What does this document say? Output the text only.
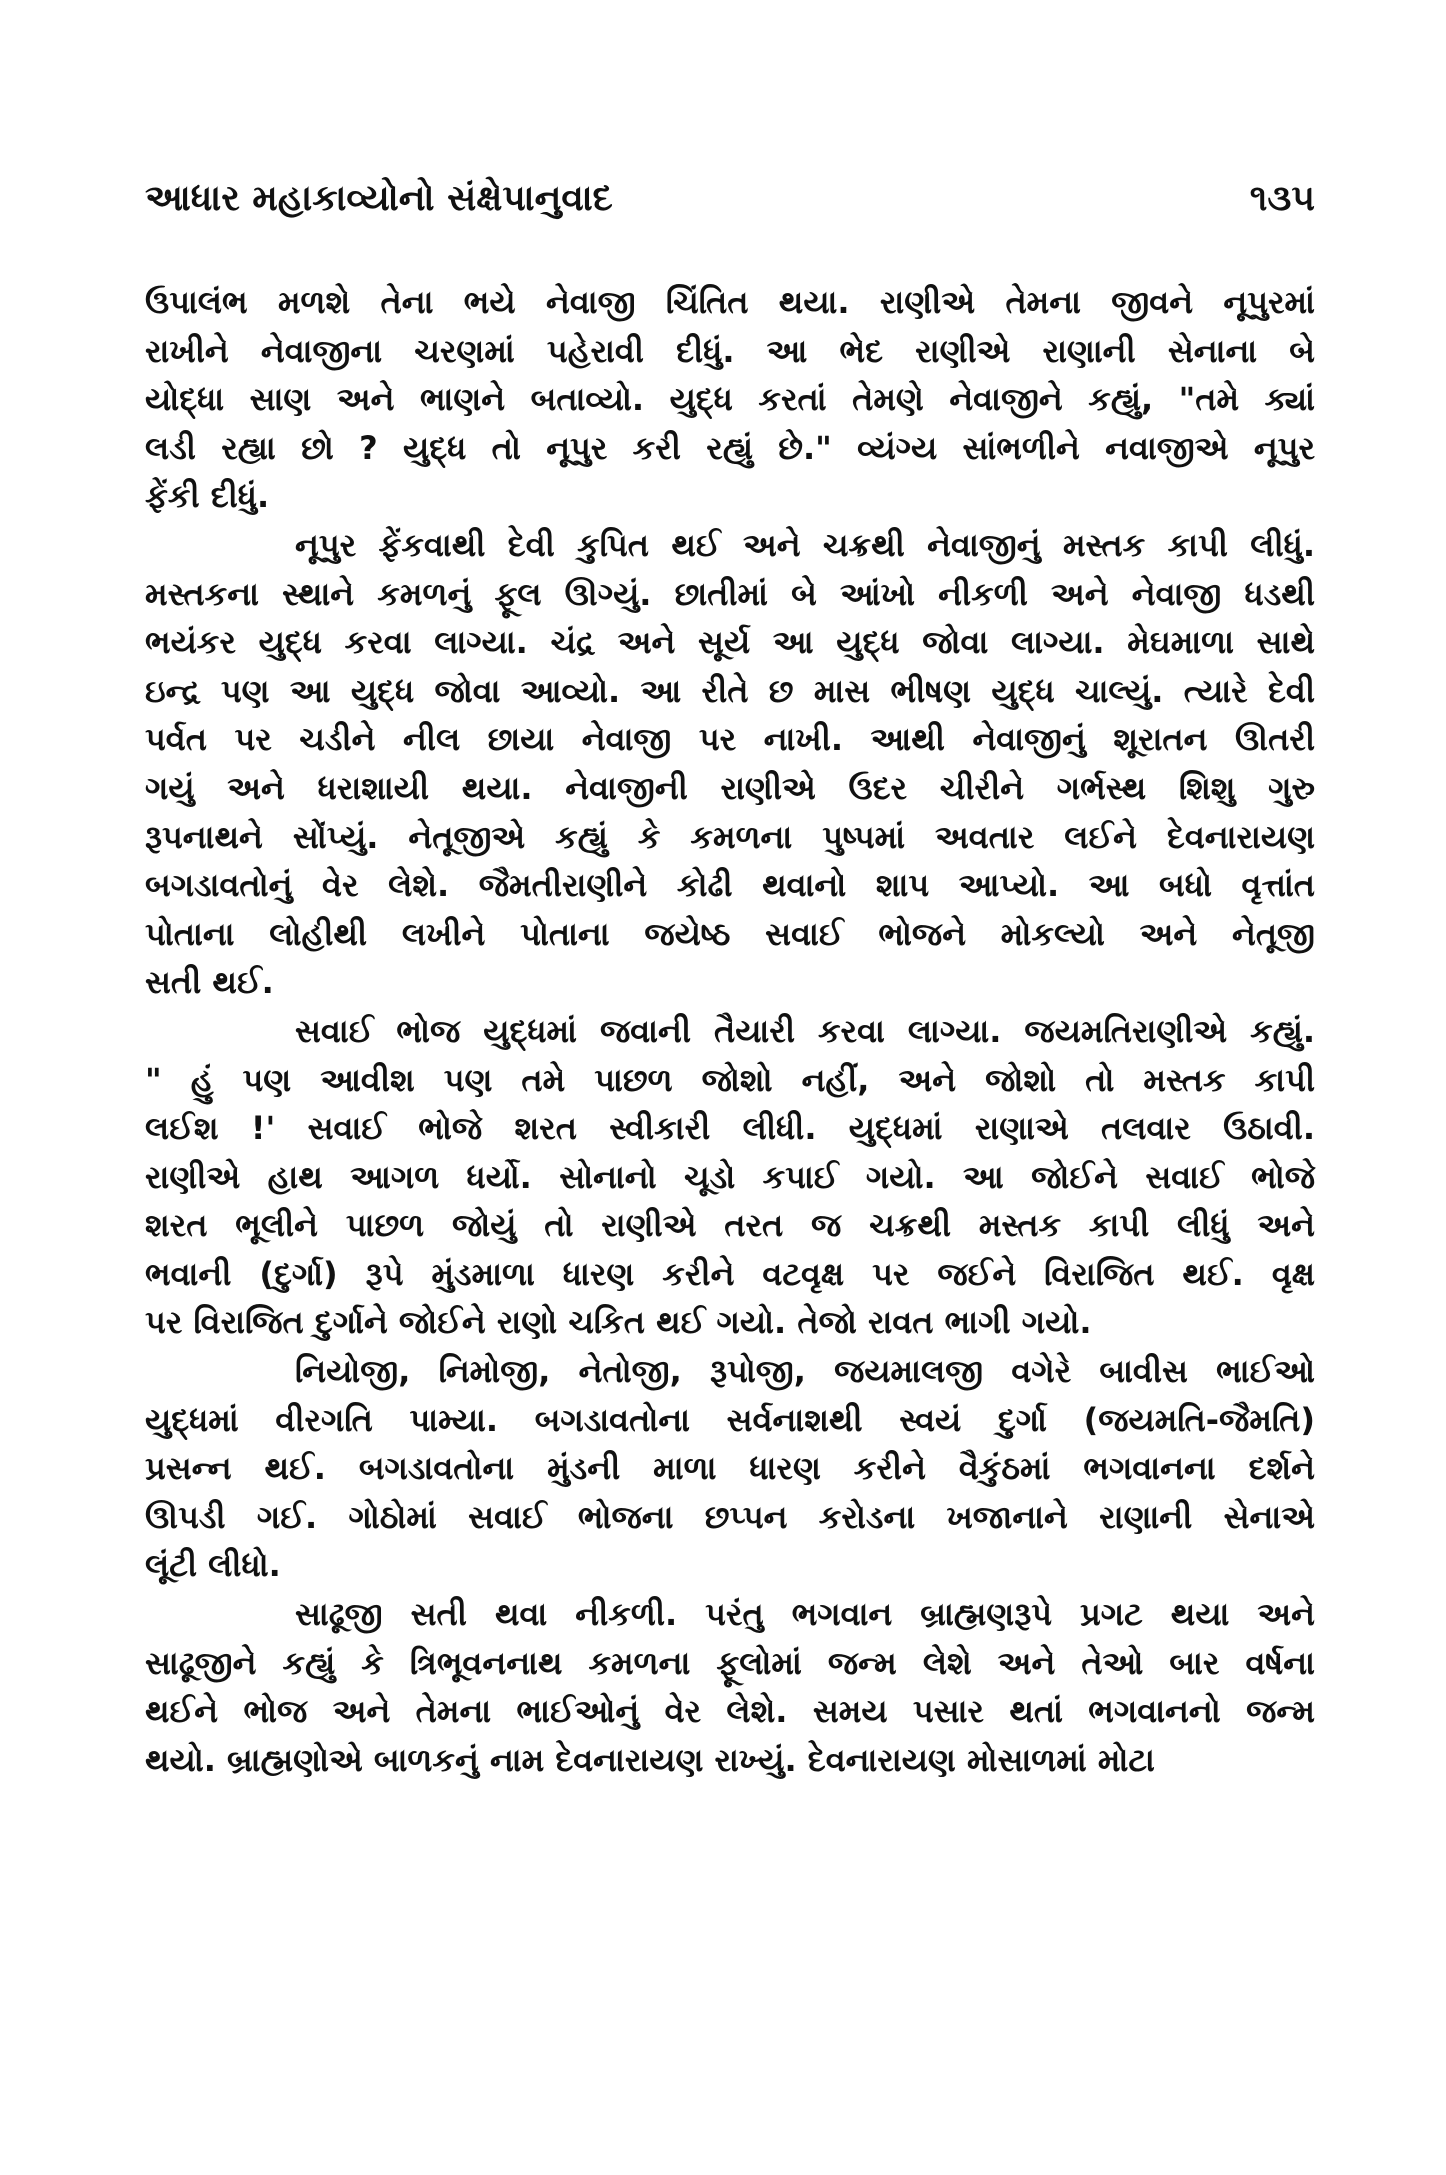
આધાર મહાકાવ્યોનો સંક્ષેપાનુવાદ	૧૩૫
ઉપાલંભ મળશે તેના ભયે નેવાજી ચિંતિત થયા. રાણીએ તેમના જીવને નૂપુરમાં
રાખીને નેવાજીના ચરણમાં પહેરાવી દીધું. આ ભેદ રાણીએ રાણાની સેનાના બે
યોદ્ધા સાણ અને ભાણને બતાવ્યો. યુદ્ધ કરતાં તેમણે નેવાજીને કહ્યું, "તમે ક્યાં
લડી રહ્યા છો ? યુદ્ધ તો નૂપુર કરી રહ્યું છે." વ્યંગ્ય સાંભળીને નવાજીએ નૂપુર
ફેંકી દીધું.
નૂપુર ફેંકવાથી દેવી કુપિત થઈ અને ચક્રથી નેવાજીનું મસ્તક કાપી લીધું.
મસ્તકના સ્થાને કમળનું ફૂલ ઊગ્યું. છાતીમાં બે આંખો નીકળી અને નેવાજી ધડથી
ભયંકર યુદ્ધ કરવા લાગ્યા. ચંદ્ર અને સૂર્ય આ યુદ્ધ જોવા લાગ્યા. મેઘમાળા સાથે
ઇન્દ્ર પણ આ યુદ્ધ જોવા આવ્યો. આ રીતે છ માસ ભીષણ યુદ્ધ ચાલ્યું. ત્યારે દેવી
પર્વત પર ચડીને નીલ છાયા નેવાજી પર નાખી. આથી નેવાજીનું શૂરાતન ઊતરી
ગયું અને ધરાશાયી થયા. નેવાજીની રાણીએ ઉદર ચીરીને ગર્ભસ્થ શિશુ ગુરુ
રૂપનાથને સોંપ્યું. નેતૂજીએ કહ્યું કે કમળના પુષ્પમાં અવતાર લઈને દેવનારાયણ
બગડાવતોનું વેર લેશે. જૈમતીરાણીને કોઢી થવાનો શાપ આપ્યો. આ બધો વૃત્તાંત
પોતાના લોહીથી લખીને પોતાના જયેષ્ઠ સવાઈ ભોજને મોકલ્યો અને નેતૂજી
સતી થઈ.
સવાઈ ભોજ યુદ્ધમાં જવાની તૈયારી કરવા લાગ્યા. જયમતિરાણીએ કહ્યું.
" હું પણ આવીશ પણ તમે પાછળ જોશો નહીં, અને જોશો તો મસ્તક કાપી
લઈશ !' સવાઈ ભોજે શરત સ્વીકારી લીધી. યુદ્ધમાં રાણાએ તલવાર ઉઠાવી.
રાણીએ હાથ આગળ ધર્યો. સોનાનો ચૂડો કપાઈ ગયો. આ જોઈને સવાઈ ભોજે
શરત ભૂલીને પાછળ જોયું તો રાણીએ તરત જ ચક્રથી મસ્તક કાપી લીધું અને
ભવાની (દુર્ગા) રૂપે મુંડમાળા ધારણ કરીને વટવૃક્ષ પર જઈને વિરાજિત થઈ. વૃક્ષ
પર વિરાજિત દુર્ગાને જોઈને રાણો ચકિત થઈ ગયો. તેજો રાવત ભાગી ગયો.
નિયોજી, નિમોજી, નેતોજી, રૂપોજી, જયમાલજી વગેરે બાવીસ ભાઈઓ
યુદ્ધમાં વીરગતિ પામ્યા. બગડાવતોના સર્વનાશથી સ્વયં દુર્ગા (જયમતિ-જૈમતિ)
પ્રસન્ન થઈ. બગડાવતોના મુંડની માળા ધારણ કરીને વૈકુંઠમાં ભગવાનના દર્શને
ઊપડી ગઈ. ગોઠોમાં સવાઈ ભોજના છપ્પન કરોડના ખજાનાને રાણાની સેનાએ
લૂંટી લીધો.
સાઢૂજી સતી થવા નીકળી. પરંતુ ભગવાન બ્રાહ્મણરૂપે પ્રગટ થયા અને
સાઢૂજીને કહ્યું કે ત્રિભૂવનનાથ કમળના ફૂલોમાં જન્મ લેશે અને તેઓ બાર વર્ષના
થઈને ભોજ અને તેમના ભાઈઓનું વેર લેશે. સમય પસાર થતાં ભગવાનનો જન્મ
થયો. બ્રાહ્મણોએ બાળકનું નામ દેવનારાયણ રાખ્યું. દેવનારાયણ મોસાળમાં મોટા
